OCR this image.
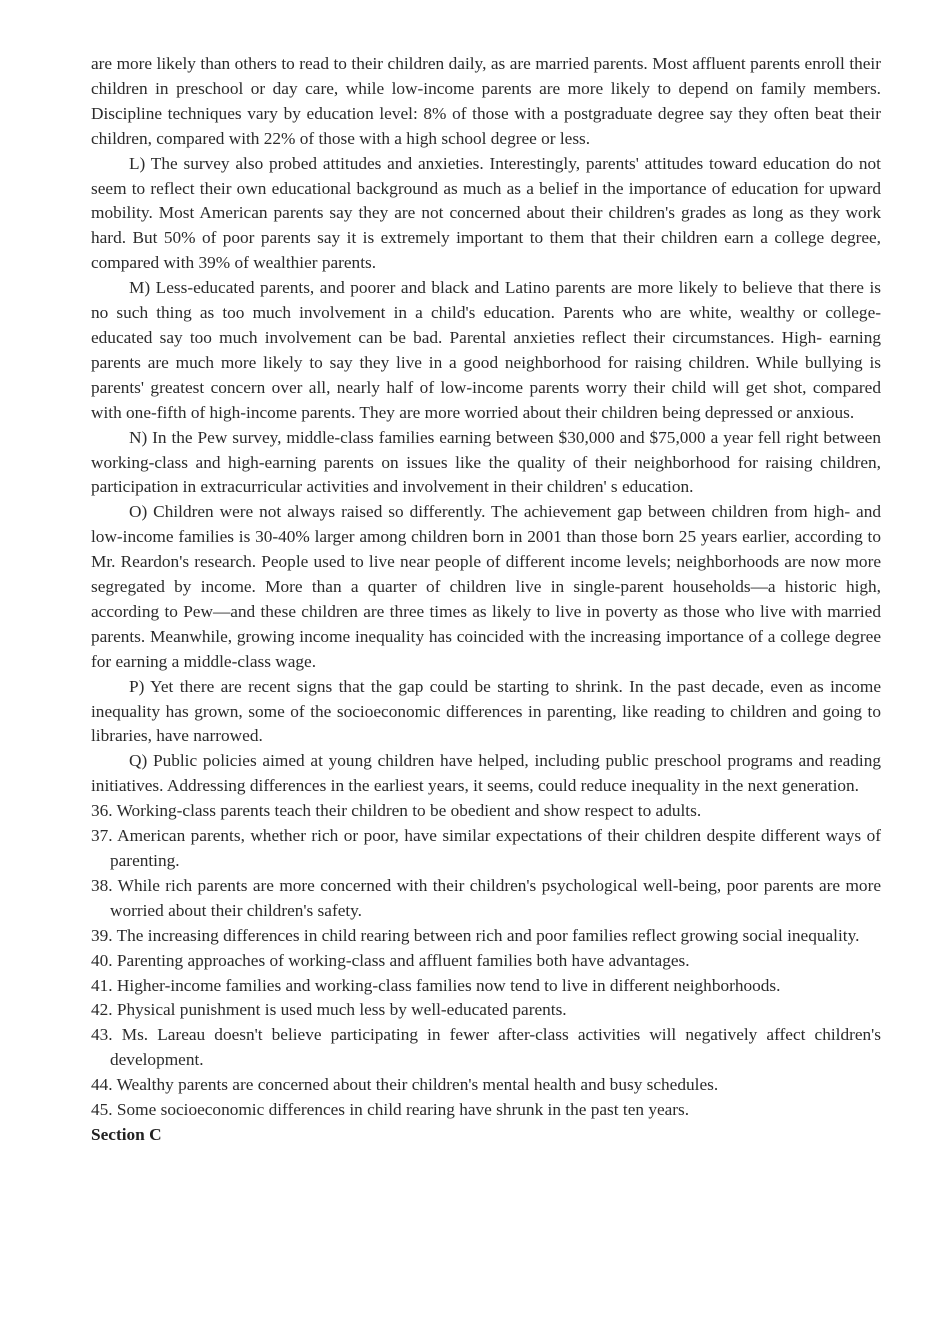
are more likely than others to read to their children daily, as are married parents. Most affluent parents enroll their children in preschool or day care, while low-income parents are more likely to depend on family members. Discipline techniques vary by education level: 8% of those with a postgraduate degree say they often beat their children, compared with 22% of those with a high school degree or less.

L) The survey also probed attitudes and anxieties. Interestingly, parents' attitudes toward education do not seem to reflect their own educational background as much as a belief in the importance of education for upward mobility. Most American parents say they are not concerned about their children's grades as long as they work hard. But 50% of poor parents say it is extremely important to them that their children earn a college degree, compared with 39% of wealthier parents.

M) Less-educated parents, and poorer and black and Latino parents are more likely to believe that there is no such thing as too much involvement in a child's education. Parents who are white, wealthy or college- educated say too much involvement can be bad. Parental anxieties reflect their circumstances. High- earning parents are much more likely to say they live in a good neighborhood for raising children. While bullying is parents' greatest concern over all, nearly half of low-income parents worry their child will get shot, compared with one-fifth of high-income parents. They are more worried about their children being depressed or anxious.

N) In the Pew survey, middle-class families earning between $30,000 and $75,000 a year fell right between working-class and high-earning parents on issues like the quality of their neighborhood for raising children, participation in extracurricular activities and involvement in their children' s education.

O) Children were not always raised so differently. The achievement gap between children from high- and low-income families is 30-40% larger among children born in 2001 than those born 25 years earlier, according to Mr. Reardon's research. People used to live near people of different income levels; neighborhoods are now more segregated by income. More than a quarter of children live in single-parent households—a historic high, according to Pew—and these children are three times as likely to live in poverty as those who live with married parents. Meanwhile, growing income inequality has coincided with the increasing importance of a college degree for earning a middle-class wage.

P) Yet there are recent signs that the gap could be starting to shrink. In the past decade, even as income inequality has grown, some of the socioeconomic differences in parenting, like reading to children and going to libraries, have narrowed.

Q) Public policies aimed at young children have helped, including public preschool programs and reading initiatives. Addressing differences in the earliest years, it seems, could reduce inequality in the next generation.

36. Working-class parents teach their children to be obedient and show respect to adults.

37. American parents, whether rich or poor, have similar expectations of their children despite different ways of parenting.

38. While rich parents are more concerned with their children's psychological well-being, poor parents are more worried about their children's safety.

39. The increasing differences in child rearing between rich and poor families reflect growing social inequality.

40. Parenting approaches of working-class and affluent families both have advantages.

41. Higher-income families and working-class families now tend to live in different neighborhoods.

42. Physical punishment is used much less by well-educated parents.

43. Ms. Lareau doesn't believe participating in fewer after-class activities will negatively affect children's development.

44. Wealthy parents are concerned about their children's mental health and busy schedules.

45. Some socioeconomic differences in child rearing have shrunk in the past ten years.

Section C
